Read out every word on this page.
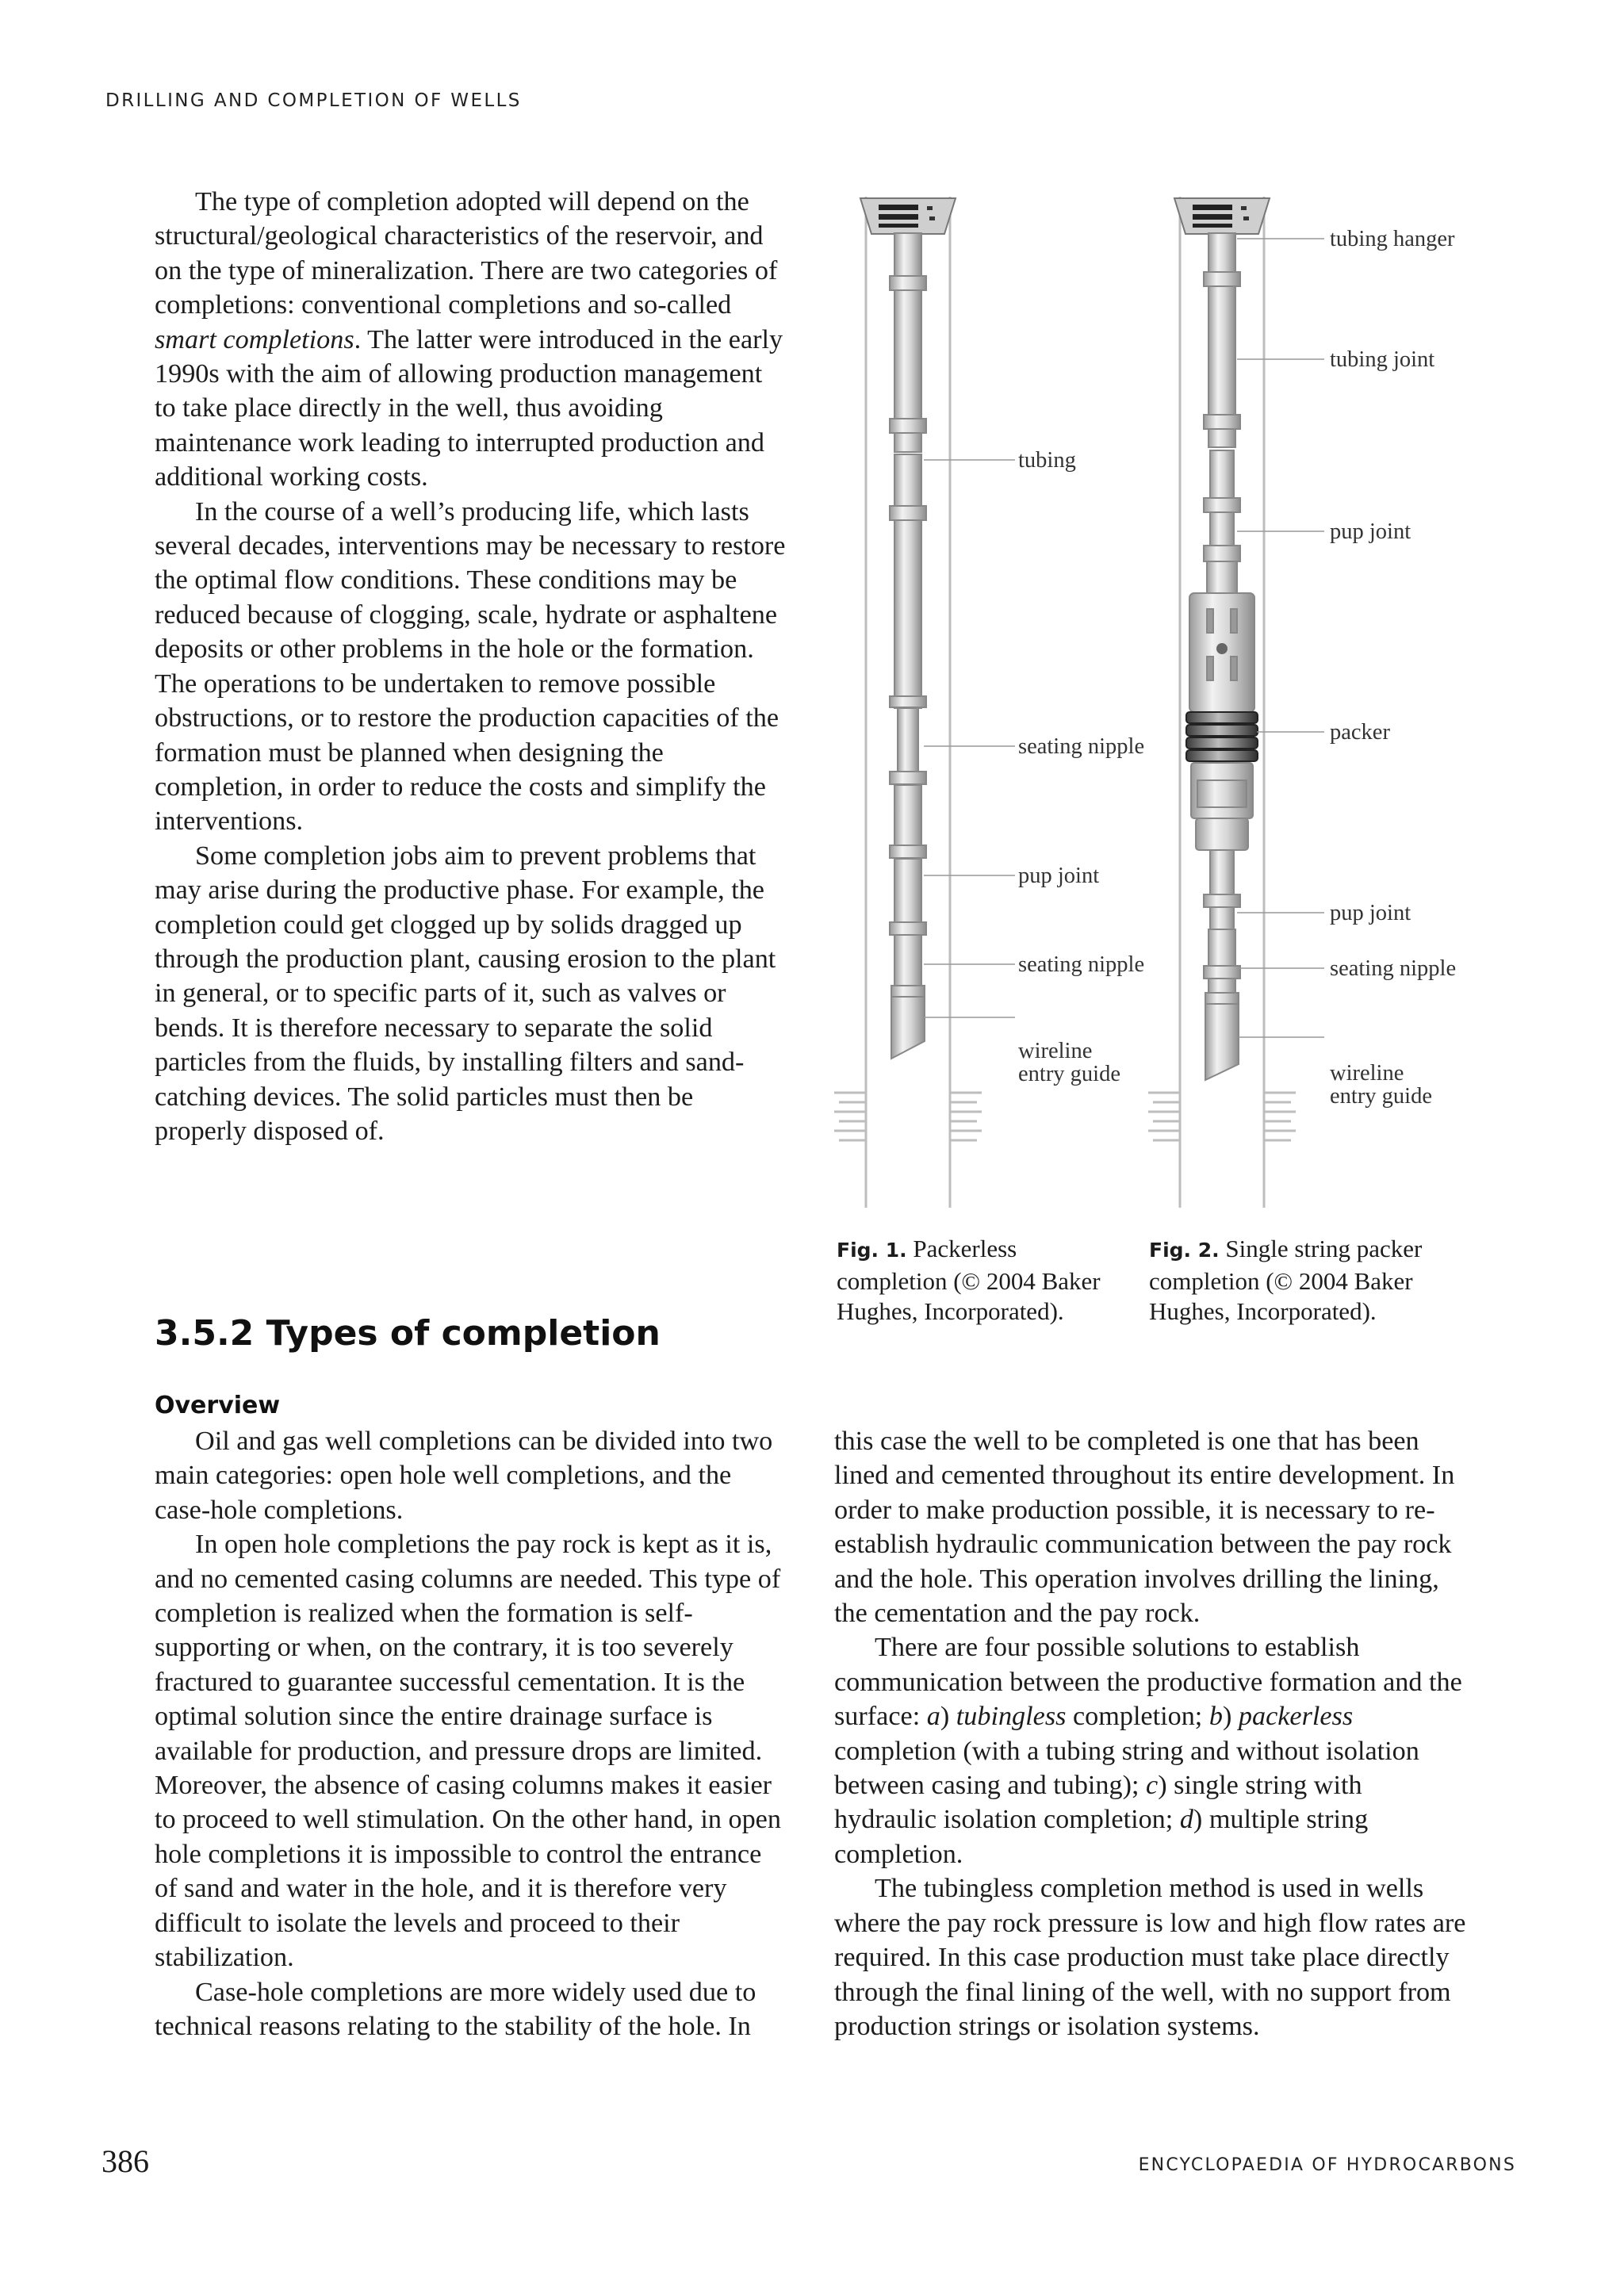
DRILLING AND COMPLETION OF WELLS

The type of completion adopted will depend on the structural/geological characteristics of the reservoir, and on the type of mineralization. There are two categories of completions: conventional completions and so-called smart completions. The latter were introduced in the early 1990s with the aim of allowing production management to take place directly in the well, thus avoiding maintenance work leading to interrupted production and additional working costs.

In the course of a well’s producing life, which lasts several decades, interventions may be necessary to restore the optimal flow conditions. These conditions may be reduced because of clogging, scale, hydrate or asphaltene deposits or other problems in the hole or the formation. The operations to be undertaken to remove possible obstructions, or to restore the production capacities of the formation must be planned when designing the completion, in order to reduce the costs and simplify the interventions.

Some completion jobs aim to prevent problems that may arise during the productive phase. For example, the completion could get clogged up by solids dragged up through the production plant, causing erosion to the plant in general, or to specific parts of it, such as valves or bends. It is therefore necessary to separate the solid particles from the fluids, by installing filters and sand-catching devices. The solid particles must then be properly disposed of.

3.5.2 Types of completion
Overview

Oil and gas well completions can be divided into two main categories: open hole well completions, and the case-hole completions.

In open hole completions the pay rock is kept as it is, and no cemented casing columns are needed. This type of completion is realized when the formation is self-supporting or when, on the contrary, it is too severely fractured to guarantee successful cementation. It is the optimal solution since the entire drainage surface is available for production, and pressure drops are limited. Moreover, the absence of casing columns makes it easier to proceed to well stimulation. On the other hand, in open hole completions it is impossible to control the entrance of sand and water in the hole, and it is therefore very difficult to isolate the levels and proceed to their stabilization.

Case-hole completions are more widely used due to technical reasons relating to the stability of the hole. In

this case the well to be completed is one that has been lined and cemented throughout its entire development. In order to make production possible, it is necessary to re-establish hydraulic communication between the pay rock and the hole. This operation involves drilling the lining, the cementation and the pay rock.

There are four possible solutions to establish communication between the productive formation and the surface: a) tubingless completion; b) packerless completion (with a tubing string and without isolation between casing and tubing); c) single string with hydraulic isolation completion; d) multiple string completion.

The tubingless completion method is used in wells where the pay rock pressure is low and high flow rates are required. In this case production must take place directly through the final lining of the well, with no support from production strings or isolation systems.

tubing
seating nipple
pup joint
seating nipple
wireline
entry guide
tubing hanger
tubing joint
pup joint
packer
pup joint
seating nipple
wireline
entry guide
Fig. 1. Packerless completion (© 2004 Baker Hughes, Incorporated).
Fig. 2. Single string packer completion (© 2004 Baker Hughes, Incorporated).
386	ENCYCLOPAEDIA OF HYDROCARBONS
